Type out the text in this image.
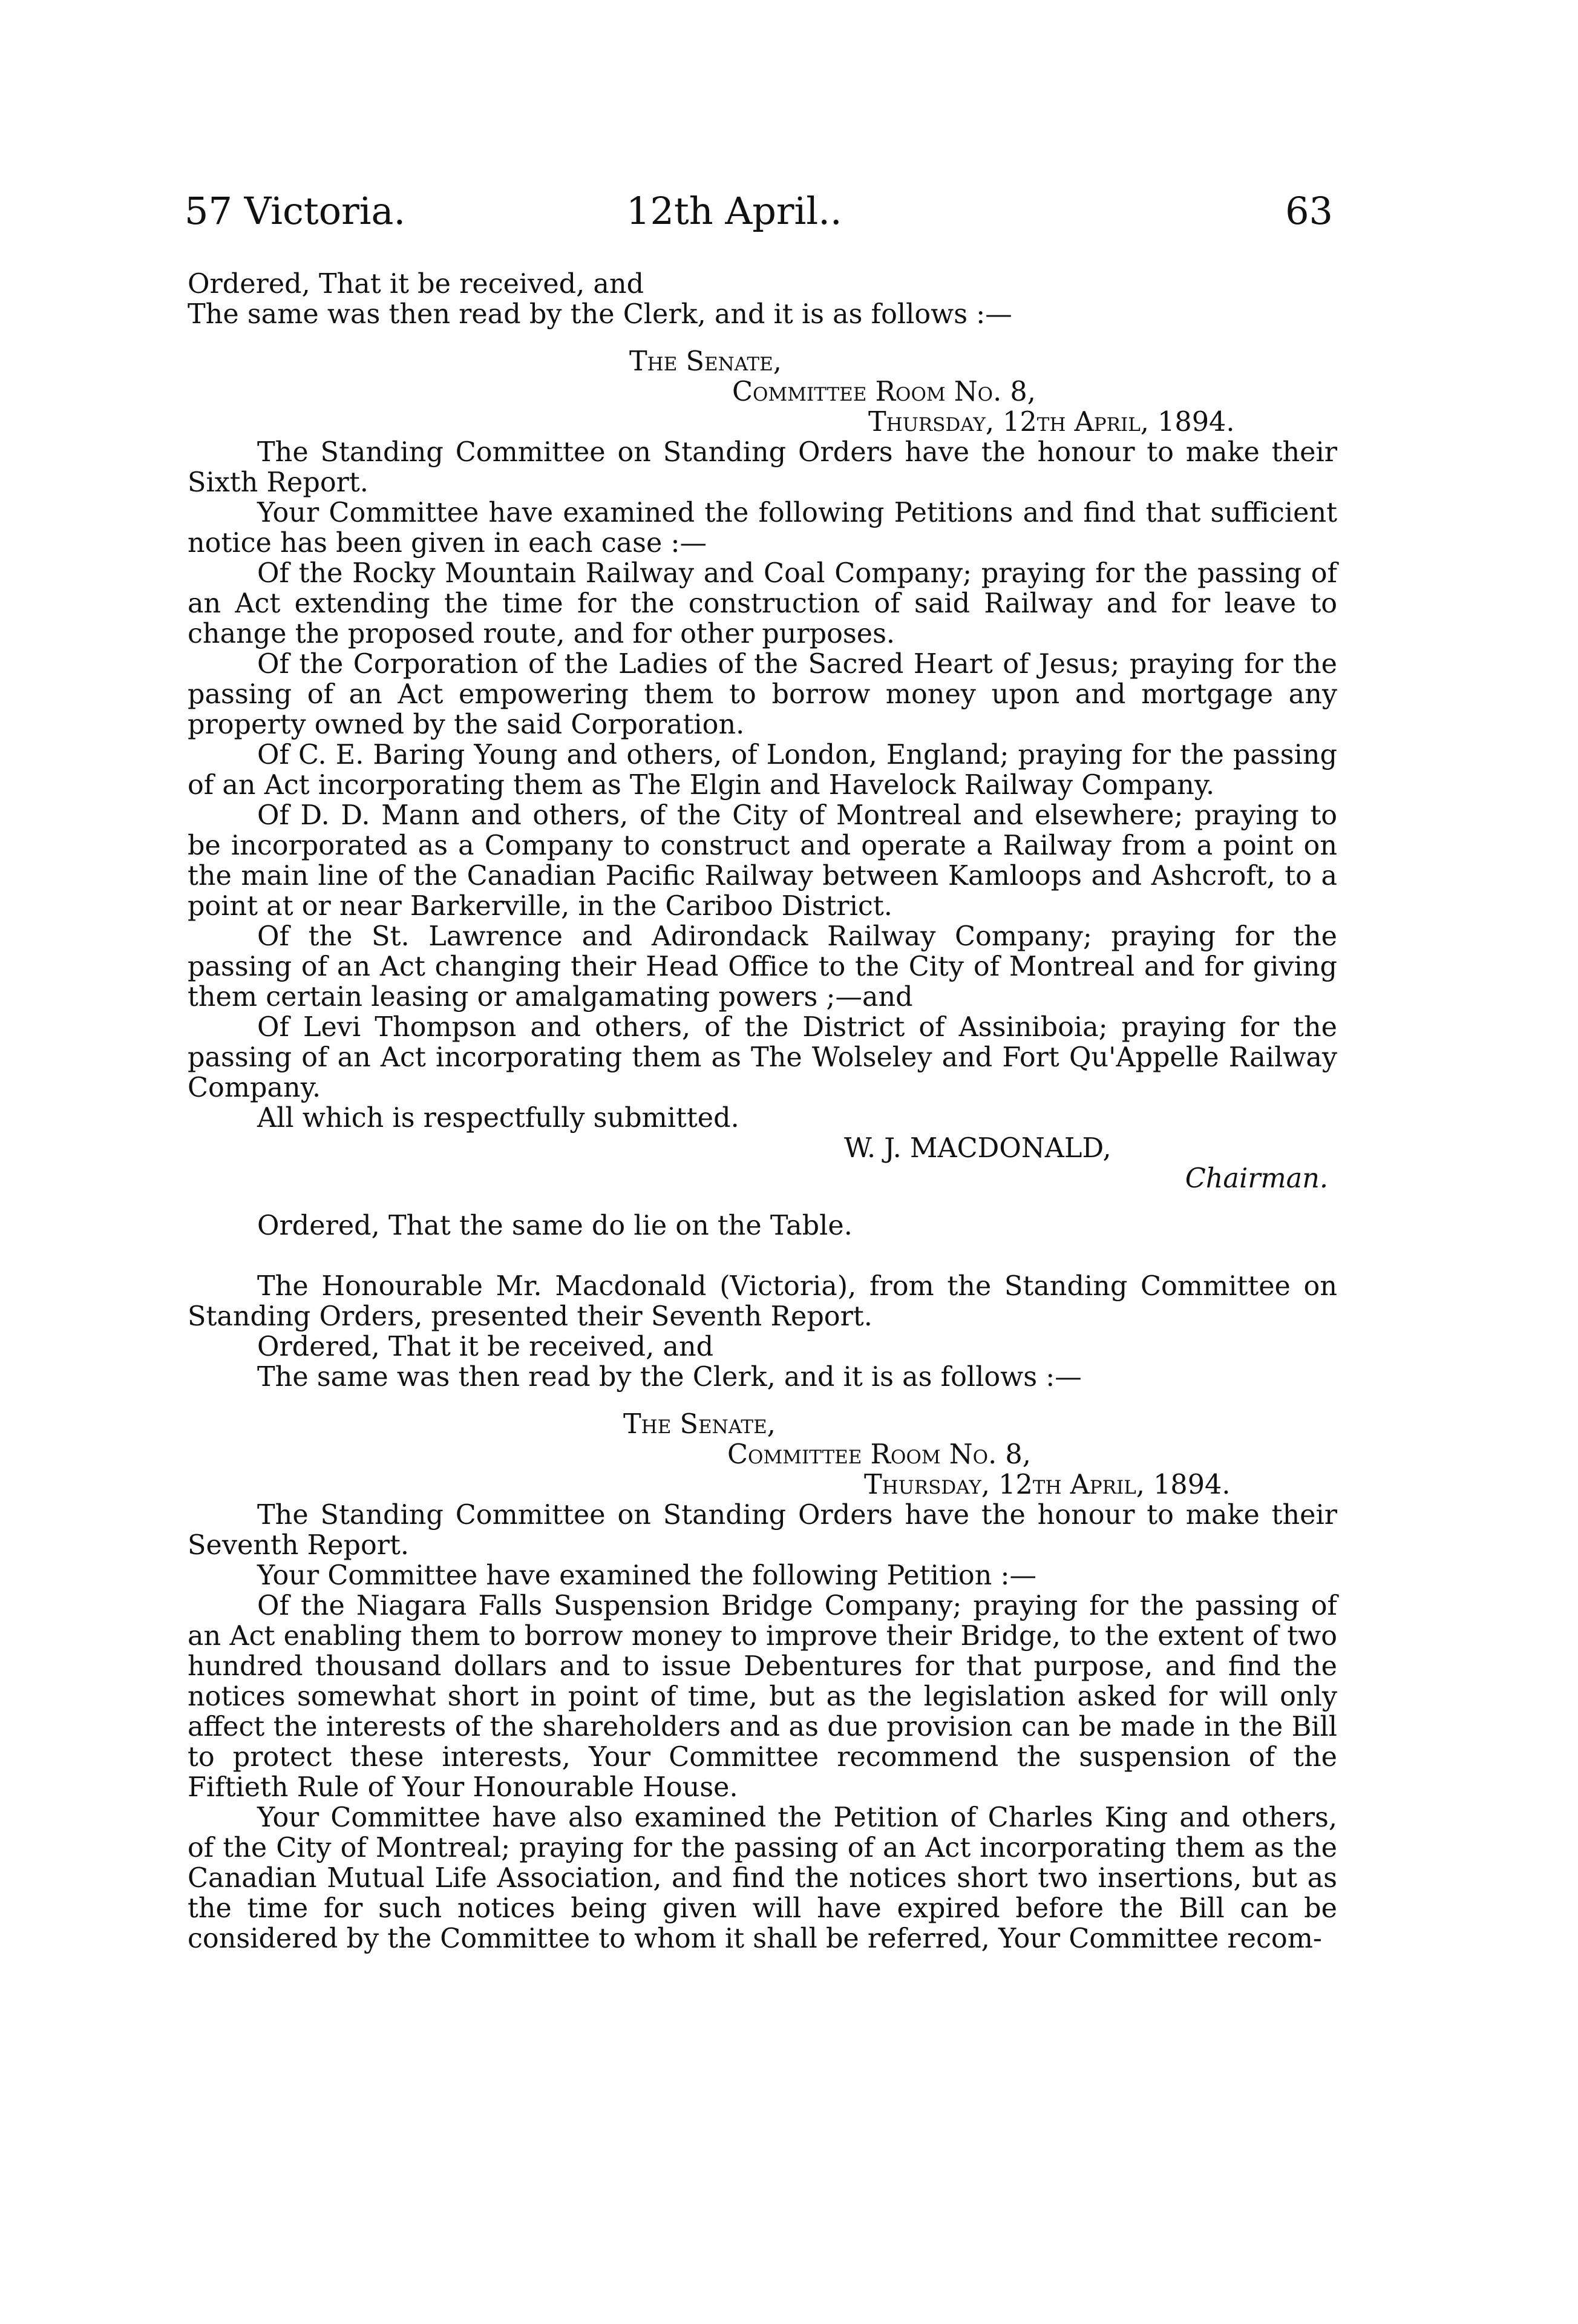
57 Victoria.	12th April..	63

Ordered, That it be received, and

The same was then read by the Clerk, and it is as follows :—

The Senate,

Committee Room No. 8,

Thursday, 12th April, 1894.

The Standing Committee on Standing Orders have the honour to make their Sixth Report.

Your Committee have examined the following Petitions and find that sufficient notice has been given in each case :—

Of the Rocky Mountain Railway and Coal Company; praying for the passing of an Act extending the time for the construction of said Railway and for leave to change the proposed route, and for other purposes.

Of the Corporation of the Ladies of the Sacred Heart of Jesus; praying for the passing of an Act empowering them to borrow money upon and mortgage any property owned by the said Corporation.

Of C. E. Baring Young and others, of London, England; praying for the passing of an Act incorporating them as The Elgin and Havelock Railway Company.

Of D. D. Mann and others, of the City of Montreal and elsewhere; praying to be incorporated as a Company to construct and operate a Railway from a point on the main line of the Canadian Pacific Railway between Kamloops and Ashcroft, to a point at or near Barkerville, in the Cariboo District.

Of the St. Lawrence and Adirondack Railway Company; praying for the passing of an Act changing their Head Office to the City of Montreal and for giving them certain leasing or amalgamating powers ;—and

Of Levi Thompson and others, of the District of Assiniboia; praying for the passing of an Act incorporating them as The Wolseley and Fort Qu'Appelle Railway Company.

All which is respectfully submitted.

W. J. MACDONALD,

Chairman.

Ordered, That the same do lie on the Table.

The Honourable Mr. Macdonald (Victoria), from the Standing Committee on Standing Orders, presented their Seventh Report.

Ordered, That it be received, and

The same was then read by the Clerk, and it is as follows :—

The Senate,

Committee Room No. 8,

Thursday, 12th April, 1894.

The Standing Committee on Standing Orders have the honour to make their Seventh Report.

Your Committee have examined the following Petition :—

Of the Niagara Falls Suspension Bridge Company; praying for the passing of an Act enabling them to borrow money to improve their Bridge, to the extent of two hundred thousand dollars and to issue Debentures for that purpose, and find the notices somewhat short in point of time, but as the legislation asked for will only affect the interests of the shareholders and as due provision can be made in the Bill to protect these interests, Your Committee recommend the suspension of the Fiftieth Rule of Your Honourable House.

Your Committee have also examined the Petition of Charles King and others, of the City of Montreal; praying for the passing of an Act incorporating them as the Canadian Mutual Life Association, and find the notices short two insertions, but as the time for such notices being given will have expired before the Bill can be considered by the Committee to whom it shall be referred, Your Committee recom-
